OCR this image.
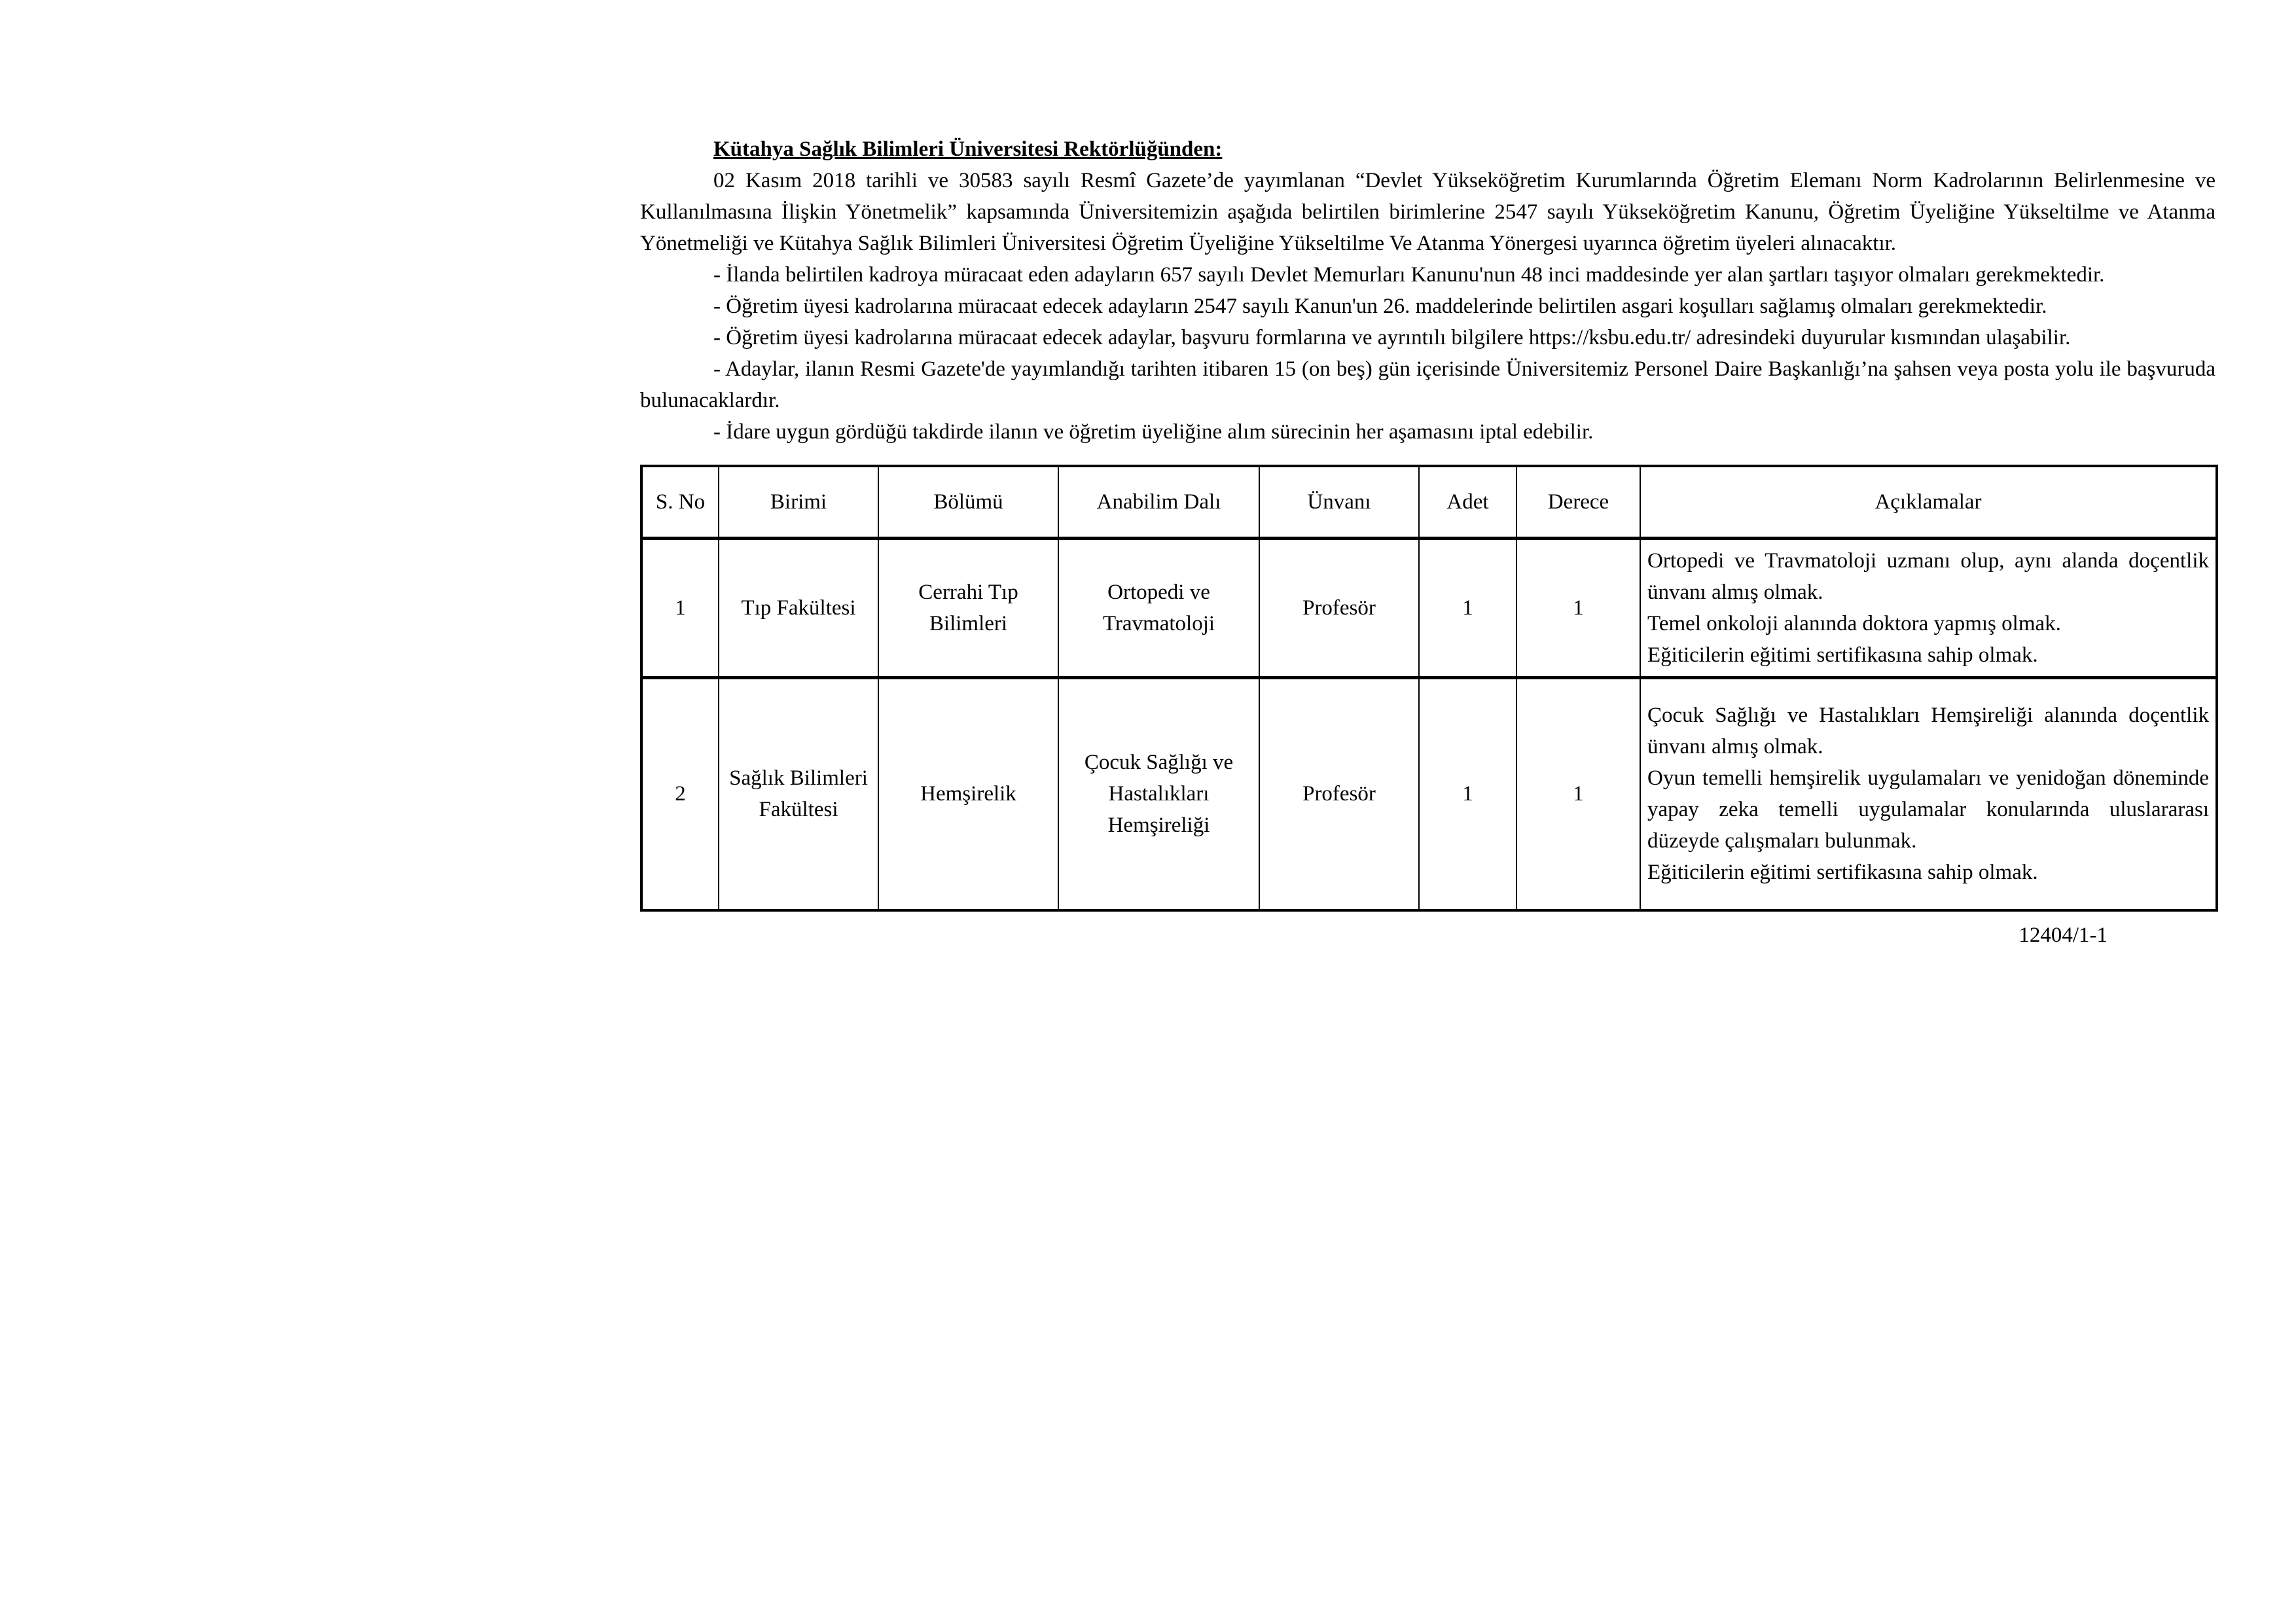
Kütahya Sağlık Bilimleri Üniversitesi Rektörlüğünden:

02 Kasım 2018 tarihli ve 30583 sayılı Resmî Gazete’de yayımlanan “Devlet Yükseköğretim Kurumlarında Öğretim Elemanı Norm Kadrolarının Belirlenmesine ve Kullanılmasına İlişkin Yönetmelik” kapsamında Üniversitemizin aşağıda belirtilen birimlerine 2547 sayılı Yükseköğretim Kanunu, Öğretim Üyeliğine Yükseltilme ve Atanma Yönetmeliği ve Kütahya Sağlık Bilimleri Üniversitesi Öğretim Üyeliğine Yükseltilme Ve Atanma Yönergesi uyarınca öğretim üyeleri alınacaktır.

- İlanda belirtilen kadroya müracaat eden adayların 657 sayılı Devlet Memurları Kanunu'nun 48 inci maddesinde yer alan şartları taşıyor olmaları gerekmektedir.

- Öğretim üyesi kadrolarına müracaat edecek adayların 2547 sayılı Kanun'un 26. maddelerinde belirtilen asgari koşulları sağlamış olmaları gerekmektedir.

- Öğretim üyesi kadrolarına müracaat edecek adaylar, başvuru formlarına ve ayrıntılı bilgilere https://ksbu.edu.tr/ adresindeki duyurular kısmından ulaşabilir.

- Adaylar, ilanın Resmi Gazete'de yayımlandığı tarihten itibaren 15 (on beş) gün içerisinde Üniversitemiz Personel Daire Başkanlığı’na şahsen veya posta yolu ile başvuruda bulunacaklardır.

- İdare uygun gördüğü takdirde ilanın ve öğretim üyeliğine alım sürecinin her aşamasını iptal edebilir.

S. No	Birimi	Bölümü	Anabilim Dalı	Ünvanı	Adet	Derece	Açıklamalar
1	Tıp Fakültesi	Cerrahi Tıp Bilimleri	Ortopedi ve Travmatoloji	Profesör	1	1	Ortopedi ve Travmatoloji uzmanı olup, aynı alanda doçentlik ünvanı almış olmak.

Temel onkoloji alanında doktora yapmış olmak.

Eğiticilerin eğitimi sertifikasına sahip olmak.

2	Sağlık Bilimleri Fakültesi	Hemşirelik	Çocuk Sağlığı ve Hastalıkları Hemşireliği	Profesör	1	1	Çocuk Sağlığı ve Hastalıkları Hemşireliği alanında doçentlik ünvanı almış olmak.

Oyun temelli hemşirelik uygulamaları ve yenidoğan döneminde yapay zeka temelli uygulamalar konularında uluslararası düzeyde çalışmaları bulunmak.

Eğiticilerin eğitimi sertifikasına sahip olmak.

12404/1-1
